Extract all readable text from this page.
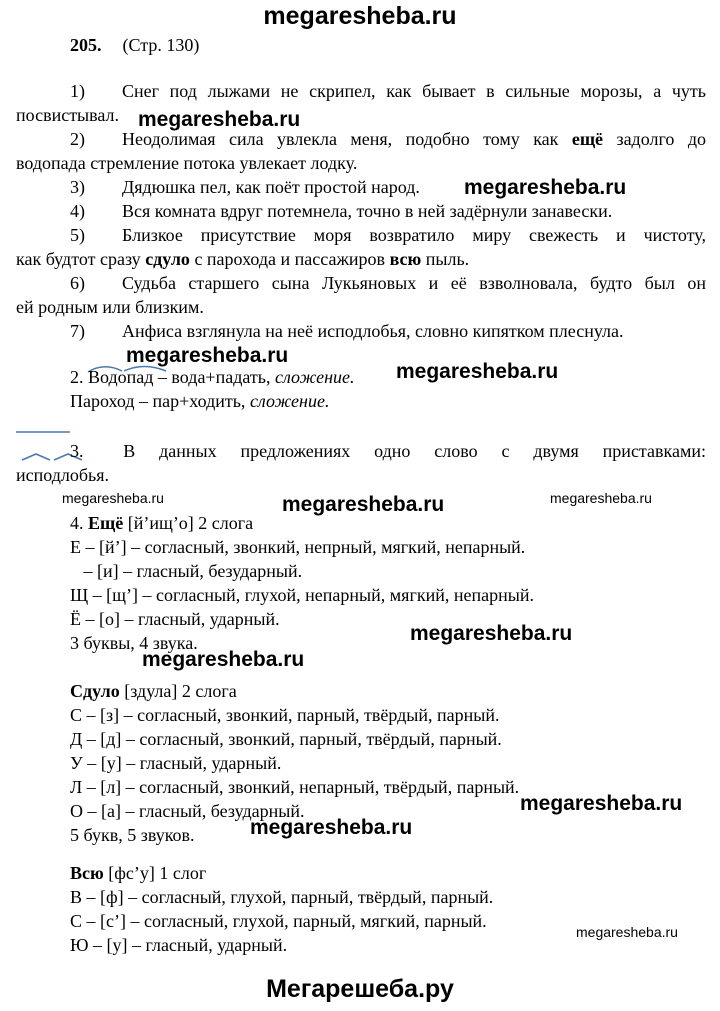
megaresheba.ru
205. (Стр. 130)
1) Снег под лыжами не скрипел, как бывает в сильные морозы, а чуть
посвистывал. megaresheba.ru
2) Неодолимая сила увлекла меня, подобно тому как ещё задолго до
водопада стремление потока увлекает лодку.
3) Дядюшка пел, как поёт простой народ. megaresheba.ru
4) Вся комната вдруг потемнела, точно в ней задёрнули занавески.
5) Близкое присутствие моря возвратило миру свежесть и чистоту,
как будтот сразу сдуло с парохода и пассажиров всю пыль.
6) Судьба старшего сына Лукьяновых и её взволновала, будто был он
ей родным или близким.
7) Анфиса взглянула на неё исподлобья, словно кипятком плеснула.
megaresheba.ru
2. Водопад – вода+падать, сложение. megaresheba.ru
Пароход – пар+ходить, сложение.
3.     В   данных   предложениях   одно   слово   с   двумя   приставками:
исподлобья.
megaresheba.ru	megaresheba.ru	megaresheba.ru
4. Ещё [й’ищ’о] 2 слога
Е – [й’] – согласный, звонкий, непрный, мягкий, непарный.
– [и] – гласный, безударный.
Щ – [щ’] – согласный, глухой, непарный, мягкий, непарный.
Ё – [о] – гласный, ударный.
3 буквы, 4 звука.	megaresheba.ru
megaresheba.ru
Сдуло [здула] 2 слога
С – [з] – согласный, звонкий, парный, твёрдый, парный.
Д – [д] – согласный, звонкий, парный, твёрдый, парный.
У – [у] – гласный, ударный.
Л – [л] – согласный, звонкий, непарный, твёрдый, парный.
О – [а] – гласный, безударный.	megaresheba.ru
5 букв, 5 звуков.	megaresheba.ru
Всю [фс’у] 1 слог
В – [ф] – согласный, глухой, парный, твёрдый, парный.
С – [с’] – согласный, глухой, парный, мягкий, парный.
megaresheba.ru
Ю – [у] – гласный, ударный.
Мегарешеба.ру
